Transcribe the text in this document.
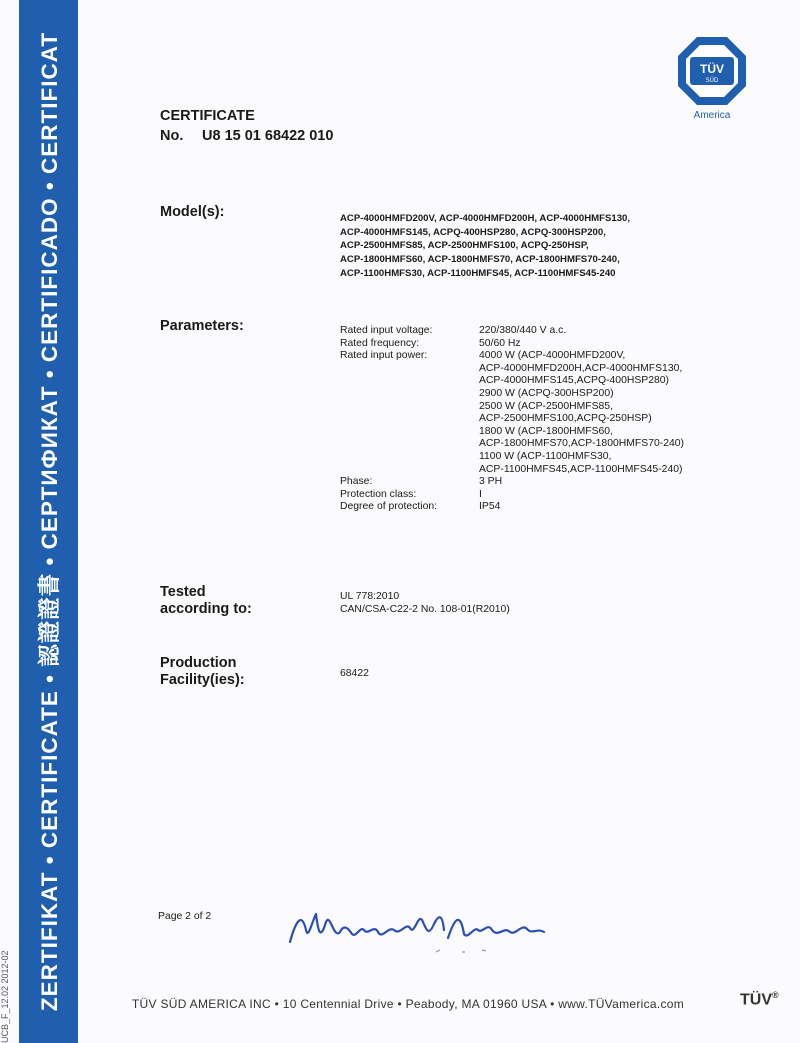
ZERTIFIKAT • CERTIFICATE • 認證證書 • СЕРТИФИКАТ • CERTIFICADO • CERTIFICAT
UCB_F_12.02 2012-02
TÜV
SÜD
America
CERTIFICATE
No. U8 15 01 68422 010
Model(s):	ACP-4000HMFD200V, ACP-4000HMFD200H, ACP-4000HMFS130,
ACP-4000HMFS145, ACPQ-400HSP280, ACPQ-300HSP200,
ACP-2500HMFS85, ACP-2500HMFS100, ACPQ-250HSP,
ACP-1800HMFS60, ACP-1800HMFS70, ACP-1800HMFS70-240,
ACP-1100HMFS30, ACP-1100HMFS45, ACP-1100HMFS45-240
Parameters:	Rated input voltage:	220/380/440 V a.c.
Rated frequency:	50/60 Hz
Rated input power:	4000 W (ACP-4000HMFD200V,
ACP-4000HMFD200H,ACP-4000HMFS130,
ACP-4000HMFS145,ACPQ-400HSP280)
2900 W (ACPQ-300HSP200)
2500 W (ACP-2500HMFS85,
ACP-2500HMFS100,ACPQ-250HSP)
1800 W (ACP-1800HMFS60,
ACP-1800HMFS70,ACP-1800HMFS70-240)
1100 W (ACP-1100HMFS30,
ACP-1100HMFS45,ACP-1100HMFS45-240)
Phase:	3 PH
Protection class:	I
Degree of protection:	IP54
Tested
according to:
UL 778:2010
CAN/CSA-C22-2 No. 108-01(R2010)
Production
Facility(ies):	68422
Page 2 of 2
TÜV SÜD AMERICA INC • 10 Centennial Drive • Peabody, MA 01960 USA • www.TÜVamerica.com	TÜV®
